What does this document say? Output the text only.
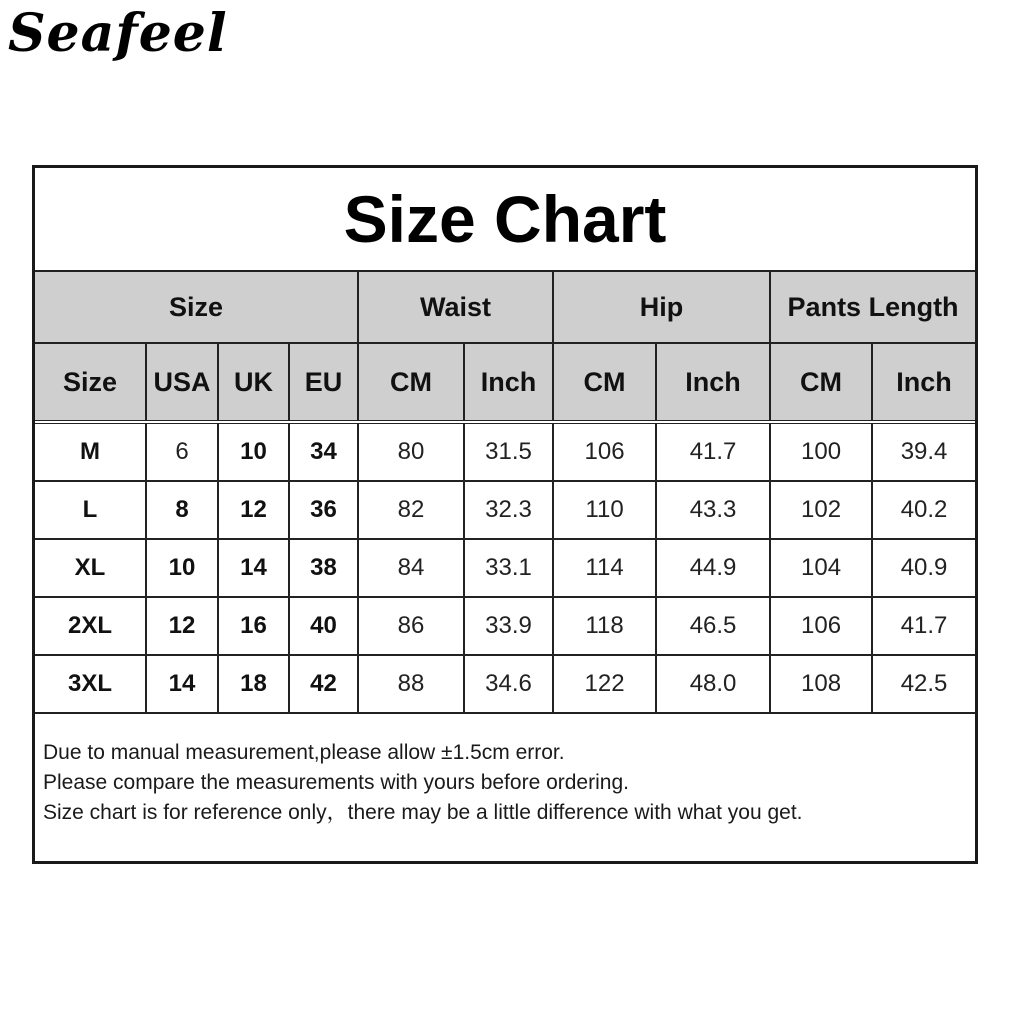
Seafeel
Size Chart
Size				Waist		Hip		Pants Length	
Size	USA	UK	EU	CM	Inch	CM	Inch	CM	Inch
M	6	10	34	80	31.5	106	41.7	100	39.4
L	8	12	36	82	32.3	110	43.3	102	40.2
XL	10	14	38	84	33.1	114	44.9	104	40.9
2XL	12	16	40	86	33.9	118	46.5	106	41.7
3XL	14	18	42	88	34.6	122	48.0	108	42.5
Due to manual measurement,please allow ±1.5cm error.
Please compare the measurements with yours before ordering.
Size chart is for reference only，there may be a little difference with what you get.
